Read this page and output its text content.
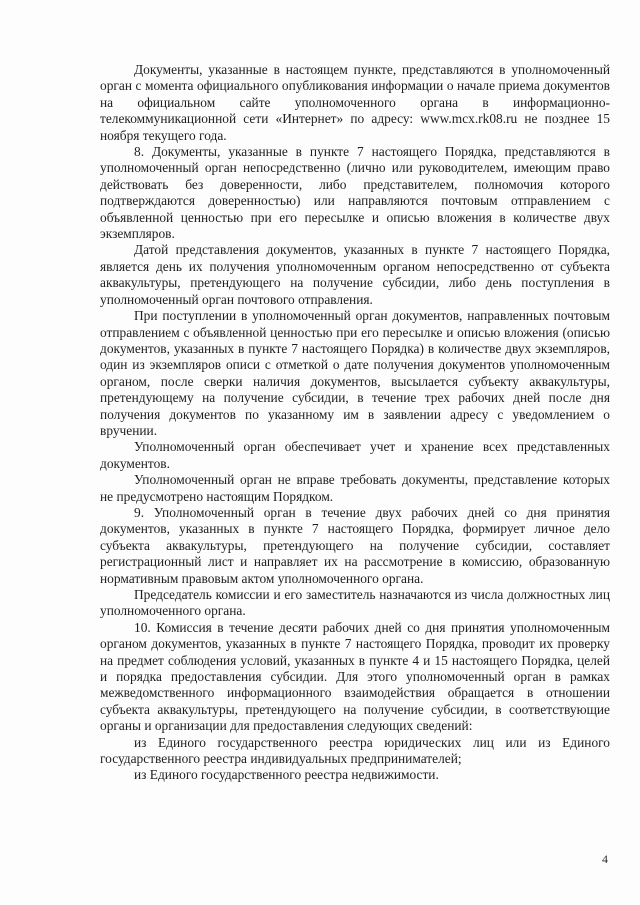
Документы, указанные в настоящем пункте, представляются в уполномоченный орган с момента официального опубликования информации о начале приема документов на официальном сайте уполномоченного органа в информационно-телекоммуникационной сети «Интернет» по адресу: www.mcx.rk08.ru не позднее 15 ноября текущего года.

8. Документы, указанные в пункте 7 настоящего Порядка, представляются в уполномоченный орган непосредственно (лично или руководителем, имеющим право действовать без доверенности, либо представителем, полномочия которого подтверждаются доверенностью) или направляются почтовым отправлением с объявленной ценностью при его пересылке и описью вложения в количестве двух экземпляров.

Датой представления документов, указанных в пункте 7 настоящего Порядка, является день их получения уполномоченным органом непосредственно от субъекта аквакультуры, претендующего на получение субсидии, либо день поступления в уполномоченный орган почтового отправления.

При поступлении в уполномоченный орган документов, направленных почтовым отправлением с объявленной ценностью при его пересылке и описью вложения (описью документов, указанных в пункте 7 настоящего Порядка) в количестве двух экземпляров, один из экземпляров описи с отметкой о дате получения документов уполномоченным органом, после сверки наличия документов, высылается субъекту аквакультуры, претендующему на получение субсидии, в течение трех рабочих дней после дня получения документов по указанному им в заявлении адресу с уведомлением о вручении.

Уполномоченный орган обеспечивает учет и хранение всех представленных документов.

Уполномоченный орган не вправе требовать документы, представление которых не предусмотрено настоящим Порядком.

9. Уполномоченный орган в течение двух рабочих дней со дня принятия документов, указанных в пункте 7 настоящего Порядка, формирует личное дело субъекта аквакультуры, претендующего на получение субсидии, составляет регистрационный лист и направляет их на рассмотрение в комиссию, образованную нормативным правовым актом уполномоченного органа.

Председатель комиссии и его заместитель назначаются из числа должностных лиц уполномоченного органа.

10. Комиссия в течение десяти рабочих дней со дня принятия уполномоченным органом документов, указанных в пункте 7 настоящего Порядка, проводит их проверку на предмет соблюдения условий, указанных в пункте 4 и 15 настоящего Порядка, целей и порядка предоставления субсидии. Для этого уполномоченный орган в рамках межведомственного информационного взаимодействия обращается в отношении субъекта аквакультуры, претендующего на получение субсидии, в соответствующие органы и организации для предоставления следующих сведений:

из Единого государственного реестра юридических лиц или из Единого государственного реестра индивидуальных предпринимателей;

из Единого государственного реестра недвижимости.

4
